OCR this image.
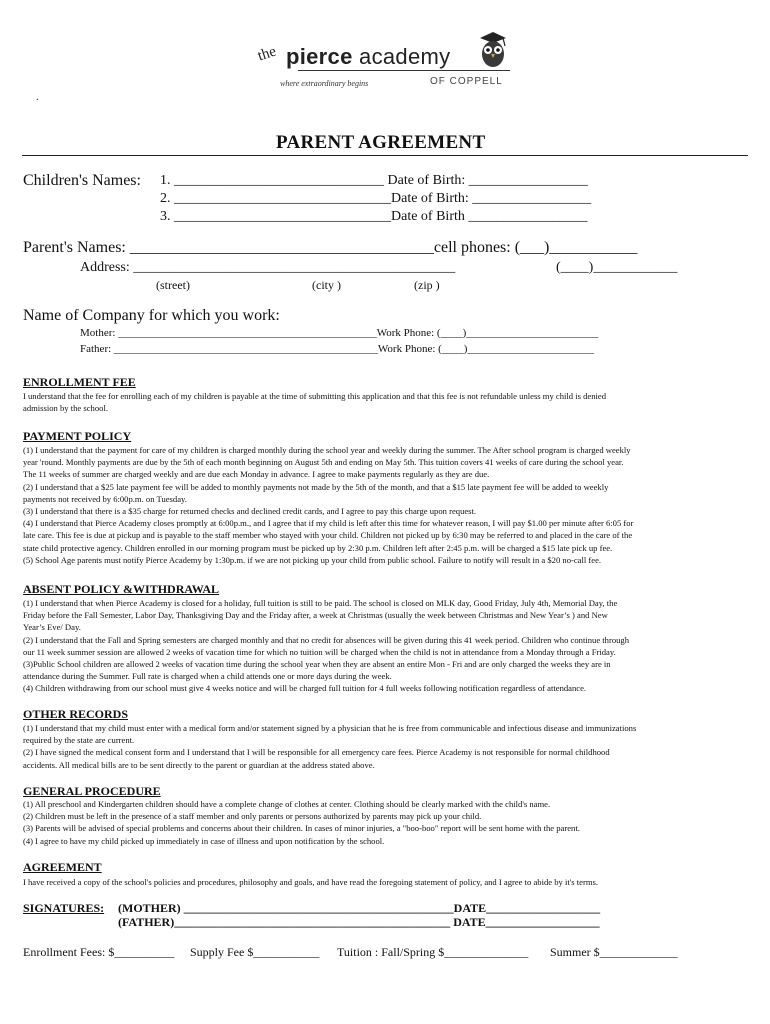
the pierce academy
where extraordinary begins	OF COPPELL
.
PARENT AGREEMENT
Children's Names: 1. ______________________________ Date of Birth: _________________
2. _______________________________Date of Birth: _________________
3. _______________________________Date of Birth _________________
Parent's Names: ______________________________________cell phones: (___)___________
Address: ______________________________________________	(____)____________
(street)	(city )	(zip )
Name of Company for which you work:
Mother: _______________________________________________Work Phone: (____)________________________
Father: ________________________________________________Work Phone: (____)_______________________
ENROLLMENT FEE
I understand that the fee for enrolling each of my children is payable at the time of submitting this application and that this fee is not refundable unless my child is denied
admission by the school.
PAYMENT POLICY
(1) I understand that the payment for care of my children is charged monthly during the school year and weekly during the summer. The After school program is charged weekly
year 'round. Monthly payments are due by the 5th of each month beginning on August 5th and ending on May 5th. This tuition covers 41 weeks of care during the school year.
The 11 weeks of summer are charged weekly and are due each Monday in advance. I agree to make payments regularly as they are due.
(2) I understand that a $25 late payment fee will be added to monthly payments not made by the 5th of the month, and that a $15 late payment fee will be added to weekly
payments not received by 6:00p.m. on Tuesday.
(3) I understand that there is a $35 charge for returned checks and declined credit cards, and I agree to pay this charge upon request.
(4) I understand that Pierce Academy closes promptly at 6:00p.m., and I agree that if my child is left after this time for whatever reason, I will pay $1.00 per minute after 6:05 for
late care. This fee is due at pickup and is payable to the staff member who stayed with your child. Children not picked up by 6:30 may be referred to and placed in the care of the
state child protective agency. Children enrolled in our morning program must be picked up by 2:30 p.m. Children left after 2:45 p.m. will be charged a $15 late pick up fee.
(5) School Age parents must notify Pierce Academy by 1:30p.m. if we are not picking up your child from public school. Failure to notify will result in a $20 no-call fee.
ABSENT POLICY &WITHDRAWAL
(1) I understand that when Pierce Academy is closed for a holiday, full tuition is still to be paid. The school is closed on MLK day, Good Friday, July 4th, Memorial Day, the
Friday before the Fall Semester, Labor Day, Thanksgiving Day and the Friday after, a week at Christmas (usually the week between Christmas and New Year’s ) and New
Year’s Eve/ Day.
(2) I understand that the Fall and Spring semesters are charged monthly and that no credit for absences will be given during this 41 week period. Children who continue through
our 11 week summer session are allowed 2 weeks of vacation time for which no tuition will be charged when the child is not in attendance from a Monday through a Friday.
(3)Public School children are allowed 2 weeks of vacation time during the school year when they are absent an entire Mon - Fri and are only charged the weeks they are in
attendance during the Summer. Full rate is charged when a child attends one or more days during the week.
(4) Children withdrawing from our school must give 4 weeks notice and will be charged full tuition for 4 full weeks following notification regardless of attendance.
OTHER RECORDS
(1) I understand that my child must enter with a medical form and/or statement signed by a physician that he is free from communicable and infectious disease and immunizations
required by the state are current.
(2) I have signed the medical consent form and I understand that I will be responsible for all emergency care fees. Pierce Academy is not responsible for normal childhood
accidents. All medical bills are to be sent directly to the parent or guardian at the address stated above.
GENERAL PROCEDURE
(1) All preschool and Kindergarten children should have a complete change of clothes at center. Clothing should be clearly marked with the child's name.
(2) Children must be left in the presence of a staff member and only parents or persons authorized by parents may pick up your child.
(3) Parents will be advised of special problems and concerns about their children. In cases of minor injuries, a "boo-boo" report will be sent home with the parent.
(4) I agree to have my child picked up immediately in case of illness and upon notification by the school.
AGREEMENT
I have received a copy of the school's policies and procedures, philosophy and goals, and have read the foregoing statement of policy, and I agree to abide by it's terms.
SIGNATURES: (MOTHER) _____________________________________________DATE___________________
(FATHER)______________________________________________ DATE___________________
Enrollment Fees: $__________ Supply Fee $___________ Tuition : Fall/Spring $______________ Summer $_____________
